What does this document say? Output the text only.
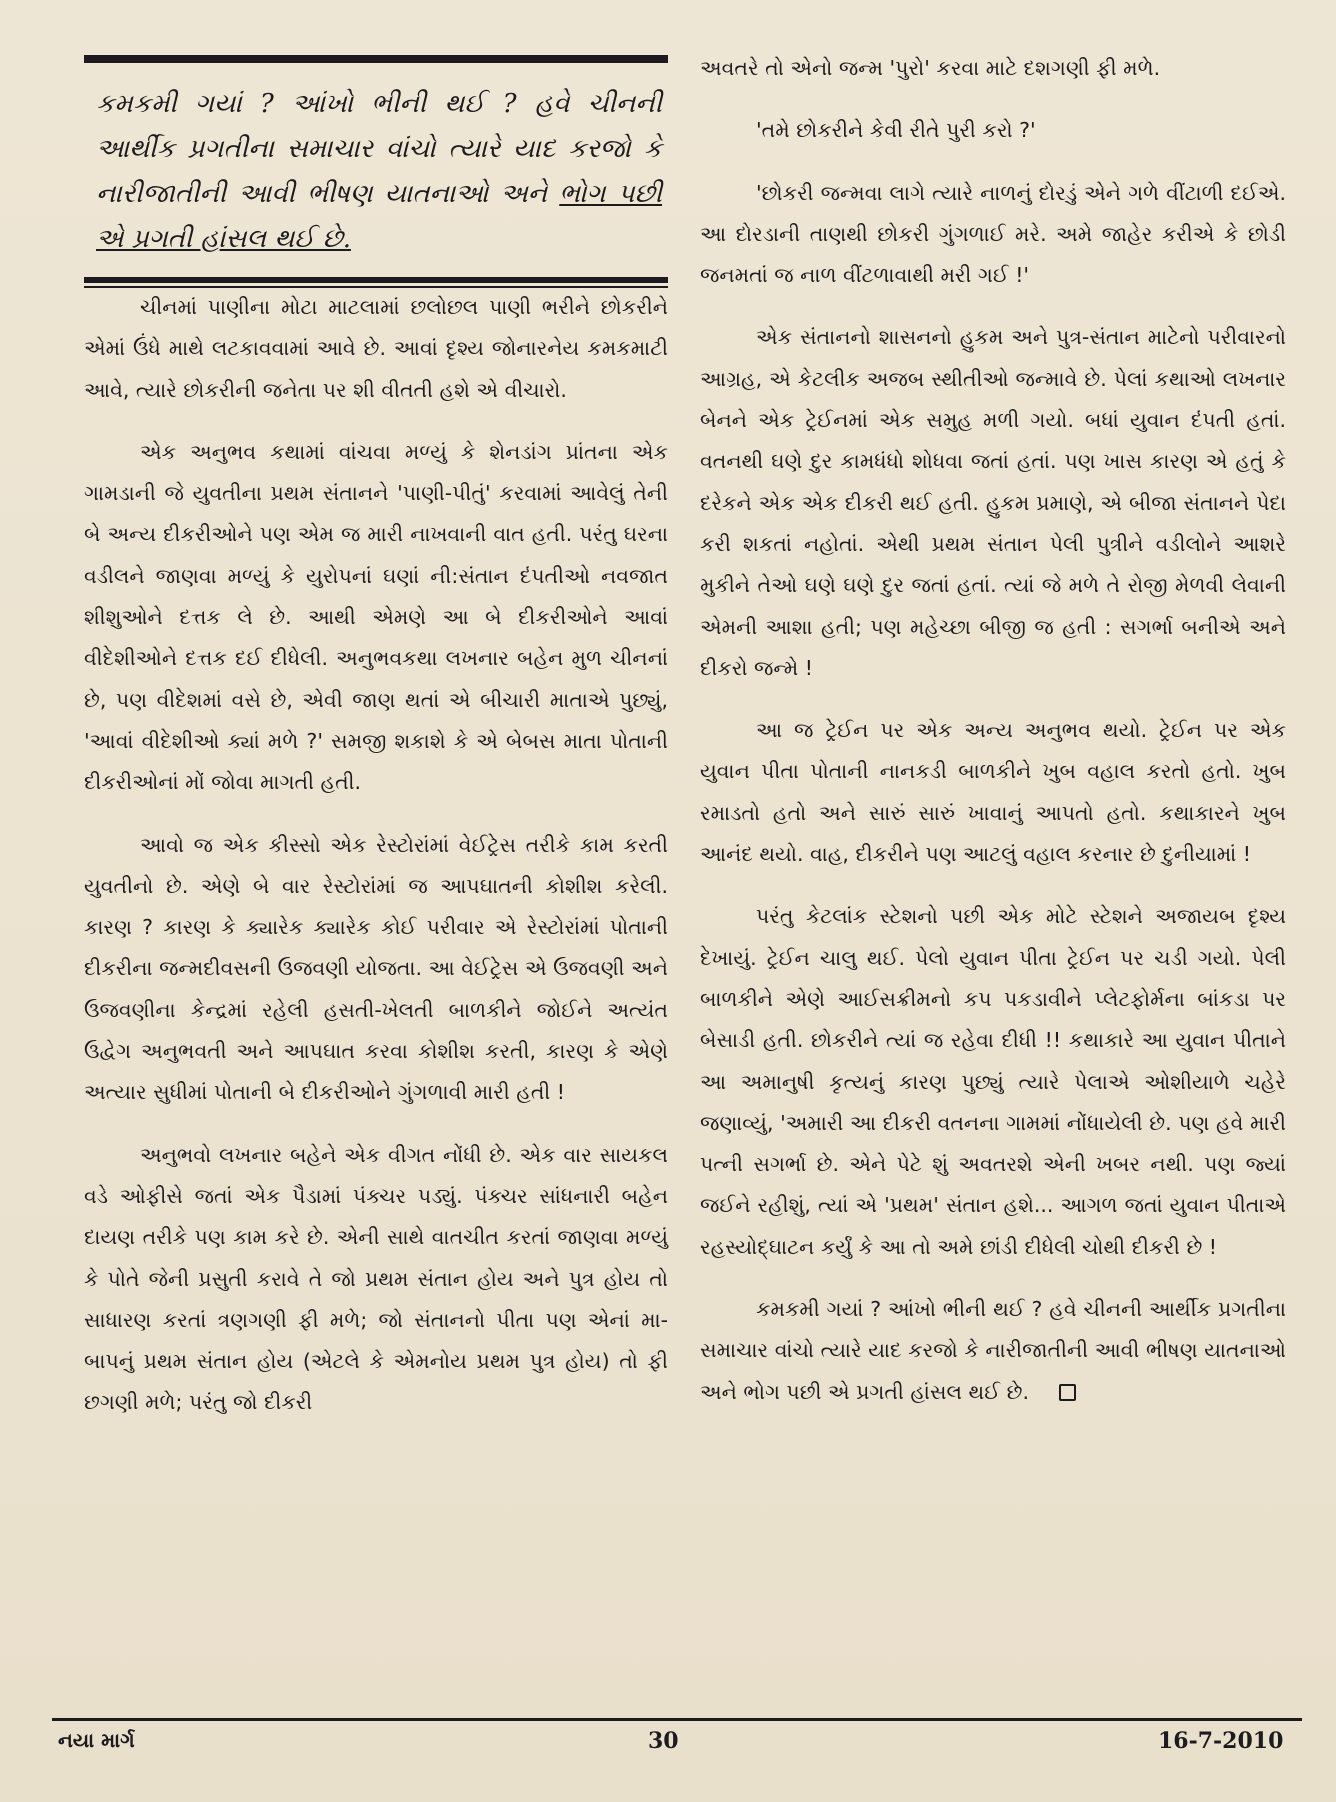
કમકમી ગયાં ? આંખો ભીની થઈ ? હવે ચીનની આર્થીક પ્રગતીના સમાચાર વાંચો ત્યારે યાદ કરજો કે નારીજાતીની આવી ભીષણ યાતનાઓ અને ભોગ પછી એ પ્રગતી હાંસલ થઈ છે.

ચીનમાં પાણીના મોટા માટલામાં છલોછલ પાણી ભરીને છોકરીને એમાં ઉંધે માથે લટકાવવામાં આવે છે. આવાં દૃશ્ય જોનારનેય કમકમાટી આવે, ત્યારે છોકરીની જનેતા પર શી વીતતી હશે એ વીચારો.

એક અનુભવ કથામાં વાંચવા મળ્યું કે શેનડાંગ પ્રાંતના એક ગામડાની જે યુવતીના પ્રથમ સંતાનને 'પાણી-પીતું' કરવામાં આવેલું તેની બે અન્ય દીકરીઓને પણ એમ જ મારી નાખવાની વાત હતી. પરંતુ ઘરના વડીલને જાણવા મળ્યું કે યુરોપનાં ઘણાં ની:સંતાન દંપતીઓ નવજાત શીશુઓને દત્તક લે છે. આથી એમણે આ બે દીકરીઓને આવાં વીદેશીઓને દત્તક દઈ દીધેલી. અનુભવકથા લખનાર બહેન મુળ ચીનનાં છે, પણ વીદેશમાં વસે છે, એવી જાણ થતાં એ બીચારી માતાએ પુછ્યું, 'આવાં વીદેશીઓ ક્યાં મળે ?' સમજી શકાશે કે એ બેબસ માતા પોતાની દીકરીઓનાં મોં જોવા માગતી હતી.

આવો જ એક કીસ્સો એક રેસ્ટોરાંમાં વેઈટ્રેસ તરીકે કામ કરતી યુવતીનો છે. એણે બે વાર રેસ્ટોરાંમાં જ આપઘાતની કોશીશ કરેલી. કારણ ? કારણ કે ક્યારેક ક્યારેક કોઈ પરીવાર એ રેસ્ટોરાંમાં પોતાની દીકરીના જન્મદીવસની ઉજવણી યોજતા. આ વેઈટ્રેસ એ ઉજવણી અને ઉજવણીના કેન્દ્રમાં રહેલી હસતી-ખેલતી બાળકીને જોઈને અત્યંત ઉદ્વેગ અનુભવતી અને આપઘાત કરવા કોશીશ કરતી, કારણ કે એણે અત્યાર સુધીમાં પોતાની બે દીકરીઓને ગુંગળાવી મારી હતી !

અનુભવો લખનાર બહેને એક વીગત નોંધી છે. એક વાર સાયકલ વડે ઓફીસે જતાં એક પૈડામાં પંક્ચર પડ્યું. પંક્ચર સાંધનારી બહેન દાયણ તરીકે પણ કામ કરે છે. એની સાથે વાતચીત કરતાં જાણવા મળ્યું કે પોતે જેની પ્રસુતી કરાવે તે જો પ્રથમ સંતાન હોય અને પુત્ર હોય તો સાધારણ કરતાં ત્રણગણી ફી મળે; જો સંતાનનો પીતા પણ એનાં મા-બાપનું પ્રથમ સંતાન હોય (એટલે કે એમનોય પ્રથમ પુત્ર હોય) તો ફી છગણી મળે; પરંતુ જો દીકરી

અવતરે તો એનો જન્મ 'પુરો' કરવા માટે દશગણી ફી મળે.

'તમે છોકરીને કેવી રીતે પુરી કરો ?'

'છોકરી જન્મવા લાગે ત્યારે નાળનું દોરડું એને ગળે વીંટાળી દઈએ. આ દોરડાની તાણથી છોકરી ગુંગળાઈ મરે. અમે જાહેર કરીએ કે છોડી જનમતાં જ નાળ વીંટળાવાથી મરી ગઈ !'

એક સંતાનનો શાસનનો હુકમ અને પુત્ર-સંતાન માટેનો પરીવારનો આગ્રહ, એ કેટલીક અજબ સ્થીતીઓ જન્માવે છે. પેલાં કથાઓ લખનાર બેનને એક ટ્રેઈનમાં એક સમુહ મળી ગયો. બધાં યુવાન દંપતી હતાં. વતનથી ઘણે દુર કામધંધો શોધવા જતાં હતાં. પણ ખાસ કારણ એ હતું કે દરેકને એક એક દીકરી થઈ હતી. હુકમ પ્રમાણે, એ બીજા સંતાનને પેદા કરી શકતાં નહોતાં. એથી પ્રથમ સંતાન પેલી પુત્રીને વડીલોને આશરે મુકીને તેઓ ઘણે ઘણે દુર જતાં હતાં. ત્યાં જે મળે તે રોજી મેળવી લેવાની એમની આશા હતી; પણ મહેચ્છા બીજી જ હતી : સગર્ભા બનીએ અને દીકરો જન્મે !

આ જ ટ્રેઈન પર એક અન્ય અનુભવ થયો. ટ્રેઈન પર એક યુવાન પીતા પોતાની નાનકડી બાળકીને ખુબ વહાલ કરતો હતો. ખુબ રમાડતો હતો અને સારું સારું ખાવાનું આપતો હતો. કથાકારને ખુબ આનંદ થયો. વાહ, દીકરીને પણ આટલું વહાલ કરનાર છે દુનીયામાં !

પરંતુ કેટલાંક સ્ટેશનો પછી એક મોટે સ્ટેશને અજાયબ દૃશ્ય દેખાયું. ટ્રેઈન ચાલુ થઈ. પેલો યુવાન પીતા ટ્રેઈન પર ચડી ગયો. પેલી બાળકીને એણે આઈસક્રીમનો કપ પકડાવીને પ્લેટફોર્મના બાંકડા પર બેસાડી હતી. છોકરીને ત્યાં જ રહેવા દીધી !! કથાકારે આ યુવાન પીતાને આ અમાનુષી કૃત્યનું કારણ પુછ્યું ત્યારે પેલાએ ઓશીયાળે ચહેરે જણાવ્યું, 'અમારી આ દીકરી વતનના ગામમાં નોંધાયેલી છે. પણ હવે મારી પત્ની સગર્ભા છે. એને પેટે શું અવતરશે એની ખબર નથી. પણ જ્યાં જઈને રહીશું, ત્યાં એ 'પ્રથમ' સંતાન હશે... આગળ જતાં યુવાન પીતાએ રહસ્યોદ્ઘાટન કર્યું કે આ તો અમે છાંડી દીધેલી ચોથી દીકરી છે !

કમકમી ગયાં ? આંખો ભીની થઈ ? હવે ચીનની આર્થીક પ્રગતીના સમાચાર વાંચો ત્યારે યાદ કરજો કે નારીજાતીની આવી ભીષણ યાતનાઓ અને ભોગ પછી એ પ્રગતી હાંસલ થઈ છે.

નયા માર્ગ	30	16-7-2010
